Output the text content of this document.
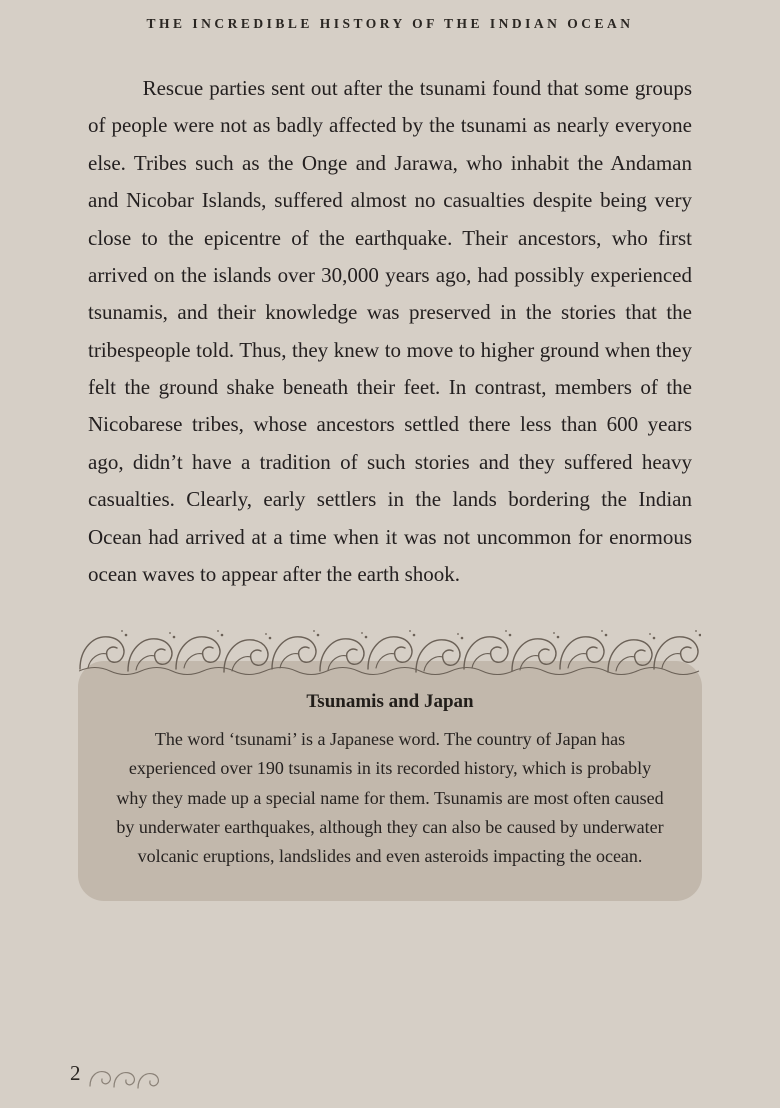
THE INCREDIBLE HISTORY OF THE INDIAN OCEAN

Rescue parties sent out after the tsunami found that some groups of people were not as badly affected by the tsunami as nearly everyone else. Tribes such as the Onge and Jarawa, who inhabit the Andaman and Nicobar Islands, suffered almost no casualties despite being very close to the epicentre of the earthquake. Their ancestors, who first arrived on the islands over 30,000 years ago, had possibly experienced tsunamis, and their knowledge was preserved in the stories that the tribespeople told. Thus, they knew to move to higher ground when they felt the ground shake beneath their feet. In contrast, members of the Nicobarese tribes, whose ancestors settled there less than 600 years ago, didn’t have a tradition of such stories and they suffered heavy casualties. Clearly, early settlers in the lands bordering the Indian Ocean had arrived at a time when it was not uncommon for enormous ocean waves to appear after the earth shook.

Tsunamis and Japan
The word ‘tsunami’ is a Japanese word. The country of Japan has experienced over 190 tsunamis in its recorded history, which is probably why they made up a special name for them. Tsunamis are most often caused by underwater earthquakes, although they can also be caused by underwater volcanic eruptions, landslides and even asteroids impacting the ocean.
2
